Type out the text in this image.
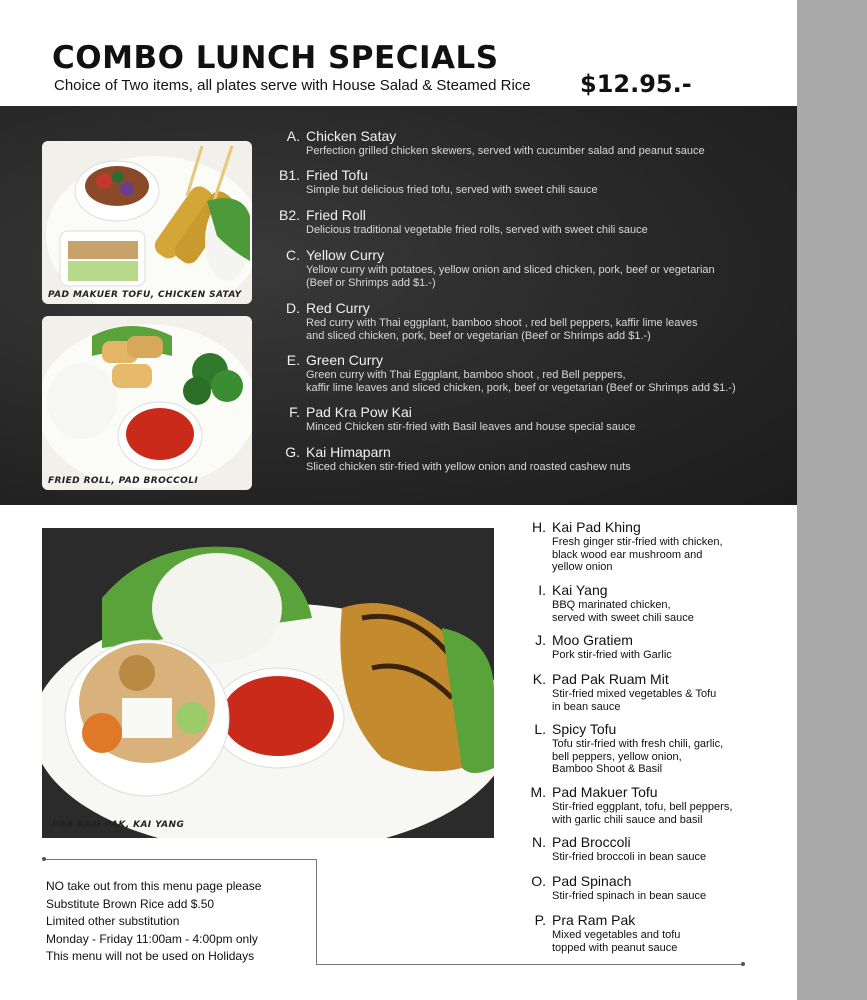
COMBO LUNCH SPECIALS
Choice of Two items, all plates serve with House Salad & Steamed Rice $12.95.-
PAD MAKUER TOFU, CHICKEN SATAY
FRIED ROLL, PAD BROCCOLI
A. Chicken Satay
Perfection grilled chicken skewers, served with cucumber salad and peanut sauce
B1. Fried Tofu
Simple but delicious fried tofu, served with sweet chili sauce
B2. Fried Roll
Delicious traditional vegetable fried rolls, served with sweet chili sauce
C. Yellow Curry
Yellow curry with potatoes, yellow onion and sliced chicken, pork, beef or vegetarian
(Beef or Shrimps add $1.-)
D. Red Curry
Red curry with Thai eggplant, bamboo shoot , red bell peppers, kaffir lime leaves
and sliced chicken, pork, beef or vegetarian (Beef or Shrimps add $1.-)
E. Green Curry
Green curry with Thai Eggplant, bamboo shoot , red Bell peppers,
kaffir lime leaves and sliced chicken, pork, beef or vegetarian (Beef or Shrimps add $1.-)
F. Pad Kra Pow Kai
Minced Chicken stir-fried with Basil leaves and house special sauce
G. Kai Himaparn
Sliced chicken stir-fried with yellow onion and roasted cashew nuts
PRA RAM PAK, KAI YANG
H. Kai Pad Khing
Fresh ginger stir-fried with chicken,
black wood ear mushroom and
yellow onion
I. Kai Yang
BBQ marinated chicken,
served with sweet chili sauce
J. Moo Gratiem
Pork stir-fried with Garlic
K. Pad Pak Ruam Mit
Stir-fried mixed vegetables & Tofu
in bean sauce
L. Spicy Tofu
Tofu stir-fried with fresh chili, garlic,
bell peppers, yellow onion,
Bamboo Shoot & Basil
M. Pad Makuer Tofu
Stir-fried eggplant, tofu, bell peppers,
with garlic chili sauce and basil
N. Pad Broccoli
Stir-fried broccoli in bean sauce
O. Pad Spinach
Stir-fried spinach in bean sauce
P. Pra Ram Pak
Mixed vegetables and tofu
topped with peanut sauce
NO take out from this menu page please
Substitute Brown Rice add $.50
Limited other substitution
Monday - Friday 11:00am - 4:00pm only
This menu will not be used on Holidays
